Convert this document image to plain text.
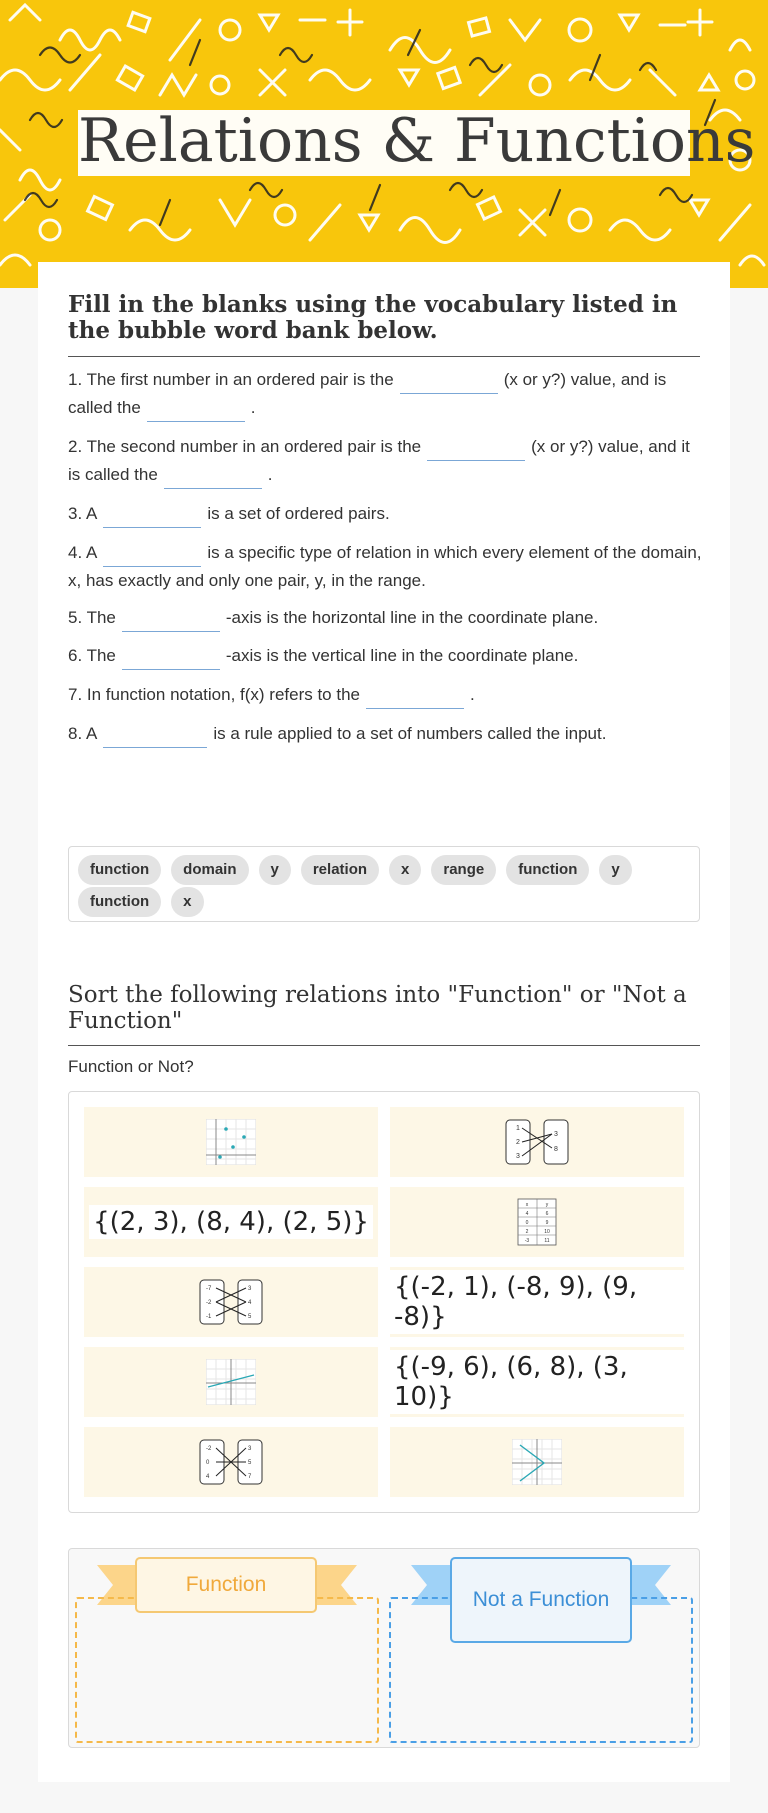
Relations & Functions
Fill in the blanks using the vocabulary listed in the bubble word bank below.
1. The first number in an ordered pair is the	(x or y?) value, and is called the	.
2. The second number in an ordered pair is the	(x or y?) value, and it is called the	.
3. A	is a set of ordered pairs.
4. A	is a specific type of relation in which every element of the domain, x, has exactly and only one pair, y, in the range.
5. The	-axis is the horizontal line in the coordinate plane.
6. The	-axis is the vertical line in the coordinate plane.
7. In function notation, f(x) refers to the	.
8. A	is a rule applied to a set of numbers called the input.
function	domain	y	relation	x	range	function	y
function	x
Sort the following relations into "Function" or "Not a Function"
Function or Not?
1
2
3
3
8
{(2, 3), (8, 4), (2, 5)}
x	y
4	6
0	9
2	10
-3	11
-7
-2
-1
3
4
5
{(-2, 1), (-8, 9), (9, -8)}
{(-9, 6), (6, 8), (3, 10)}
-2
0
4
3
5
7
Function
Not a Function
